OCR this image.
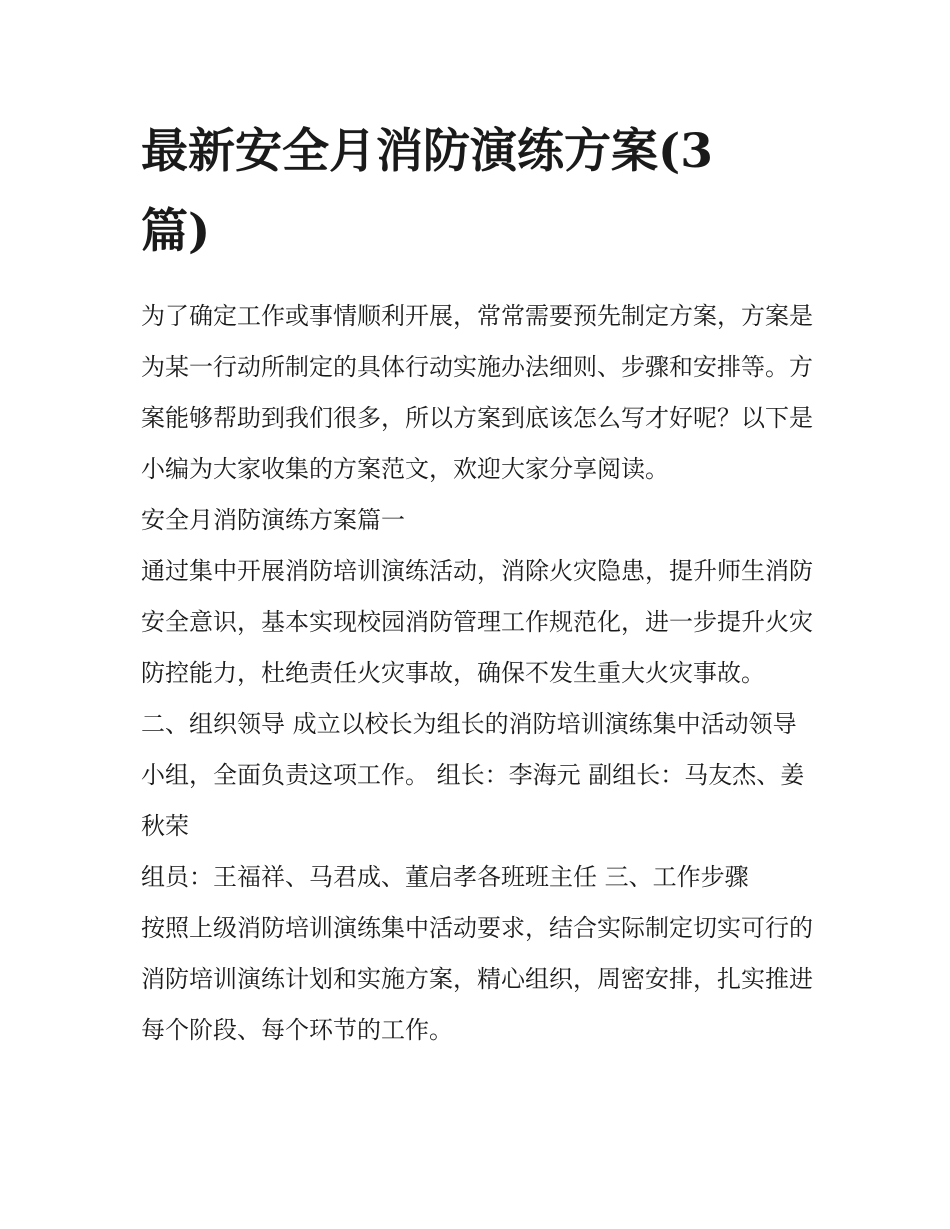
最新安全月消防演练方案(3篇)

为了确定工作或事情顺利开展，常常需要预先制定方案，方案是为某一行动所制定的具体行动实施办法细则、步骤和安排等。方案能够帮助到我们很多，所以方案到底该怎么写才好呢？以下是小编为大家收集的方案范文，欢迎大家分享阅读。

安全月消防演练方案篇一

通过集中开展消防培训演练活动，消除火灾隐患，提升师生消防安全意识，基本实现校园消防管理工作规范化，进一步提升火灾防控能力，杜绝责任火灾事故，确保不发生重大火灾事故。

二、组织领导 成立以校长为组长的消防培训演练集中活动领导小组，全面负责这项工作。 组长：李海元 副组长：马友杰、姜秋荣

组员：王福祥、马君成、董启孝各班班主任 三、工作步骤

按照上级消防培训演练集中活动要求，结合实际制定切实可行的消防培训演练计划和实施方案，精心组织，周密安排，扎实推进每个阶段、每个环节的工作。
